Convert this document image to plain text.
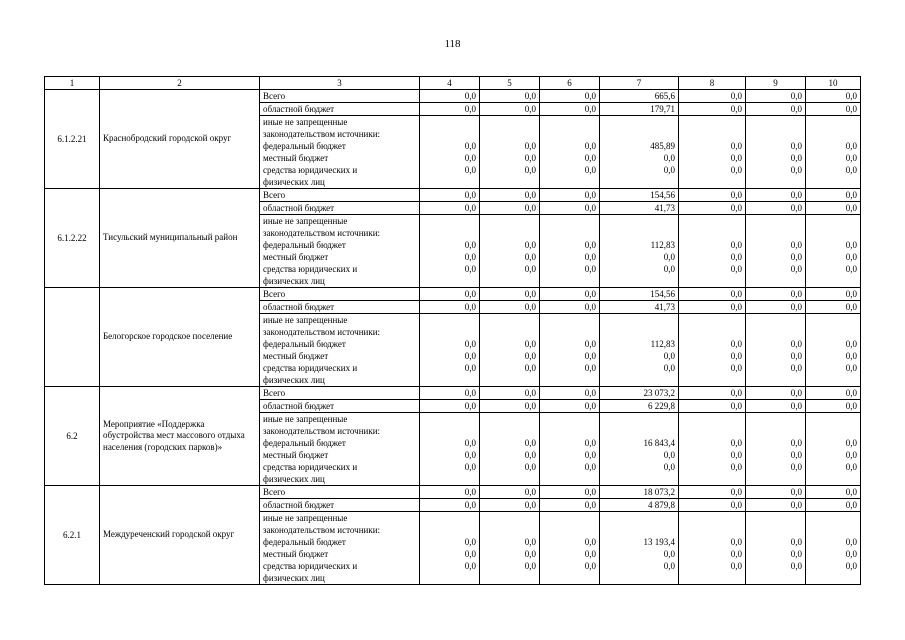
118
1	2	3	4	5	6	7	8	9	10
6.1.2.21	Краснобродский городской округ	Всего	0,0	0,0	0,0	665,6	0,0	0,0	0,0
		областной бюджет	0,0	0,0	0,0	179,71	0,0	0,0	0,0
		иные не запрещенные							
		законодательством источники:							
		федеральный бюджет	0,0	0,0	0,0	485,89	0,0	0,0	0,0
		местный бюджет	0,0	0,0	0,0	0,0	0,0	0,0	0,0
		средства юридических и	0,0	0,0	0,0	0,0	0,0	0,0	0,0
		физических лиц							
6.1.2.22	Тисульский муниципальный район	Всего	0,0	0,0	0,0	154,56	0,0	0,0	0,0
		областной бюджет	0,0	0,0	0,0	41,73	0,0	0,0	0,0
		иные не запрещенные							
		законодательством источники:							
		федеральный бюджет	0,0	0,0	0,0	112,83	0,0	0,0	0,0
		местный бюджет	0,0	0,0	0,0	0,0	0,0	0,0	0,0
		средства юридических и	0,0	0,0	0,0	0,0	0,0	0,0	0,0
		физических лиц							
	Белогорское городское поселение	Всего	0,0	0,0	0,0	154,56	0,0	0,0	0,0
		областной бюджет	0,0	0,0	0,0	41,73	0,0	0,0	0,0
		иные не запрещенные							
		законодательством источники:							
		федеральный бюджет	0,0	0,0	0,0	112,83	0,0	0,0	0,0
		местный бюджет	0,0	0,0	0,0	0,0	0,0	0,0	0,0
		средства юридических и	0,0	0,0	0,0	0,0	0,0	0,0	0,0
		физических лиц							
6.2	Мероприятие «Поддержка обустройства мест массового отдыха населения (городских парков)»	Всего	0,0	0,0	0,0	23 073,2	0,0	0,0	0,0
		областной бюджет	0,0	0,0	0,0	6 229,8	0,0	0,0	0,0
		иные не запрещенные							
		законодательством источники:							
		федеральный бюджет	0,0	0,0	0,0	16 843,4	0,0	0,0	0,0
		местный бюджет	0,0	0,0	0,0	0,0	0,0	0,0	0,0
		средства юридических и	0,0	0,0	0,0	0,0	0,0	0,0	0,0
		физических лиц							
6.2.1	Междуреченский городской округ	Всего	0,0	0,0	0,0	18 073,2	0,0	0,0	0,0
		областной бюджет	0,0	0,0	0,0	4 879,8	0,0	0,0	0,0
		иные не запрещенные							
		законодательством источники:							
		федеральный бюджет	0,0	0,0	0,0	13 193,4	0,0	0,0	0,0
		местный бюджет	0,0	0,0	0,0	0,0	0,0	0,0	0,0
		средства юридических и	0,0	0,0	0,0	0,0	0,0	0,0	0,0
		физических лиц							
